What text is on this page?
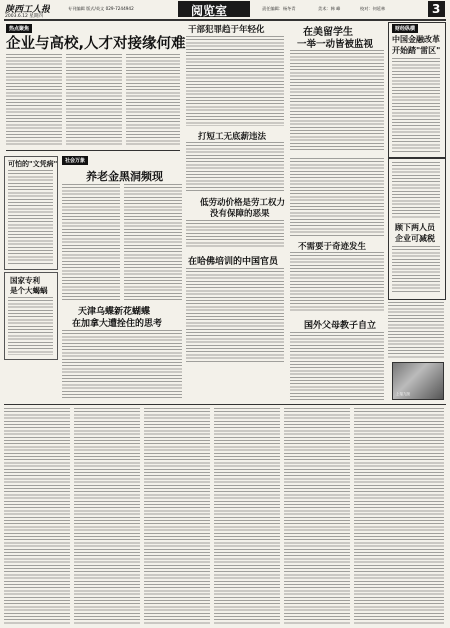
陕西工人报
2003.6.12 星期四
专刊编辑 版式/英文 029-7244942	阅览室	责任编辑：杨冬青	美术：韩 峰	校对：何延林	3
热点聚焦
企业与高校,人才对接缘何难
干部犯罪趋于年轻化	在美留学生
一举一动皆被监视
财经纵横
中国金融改革
开始踏"雷区"
打短工无底薪违法
可怕的"文凭病"	社会万象
养老金黑洞频现
低劳动价格是劳工权力
没有保障的恶果
不需要于奇迹发生
顾下两人员
企业可减税
在哈佛培训的中国官员
国家专利
是个大蝎蜗
天津乌蝶新花蝴蝶
在加拿大遭拴住的思考	国外父母教子自立
上接九版
